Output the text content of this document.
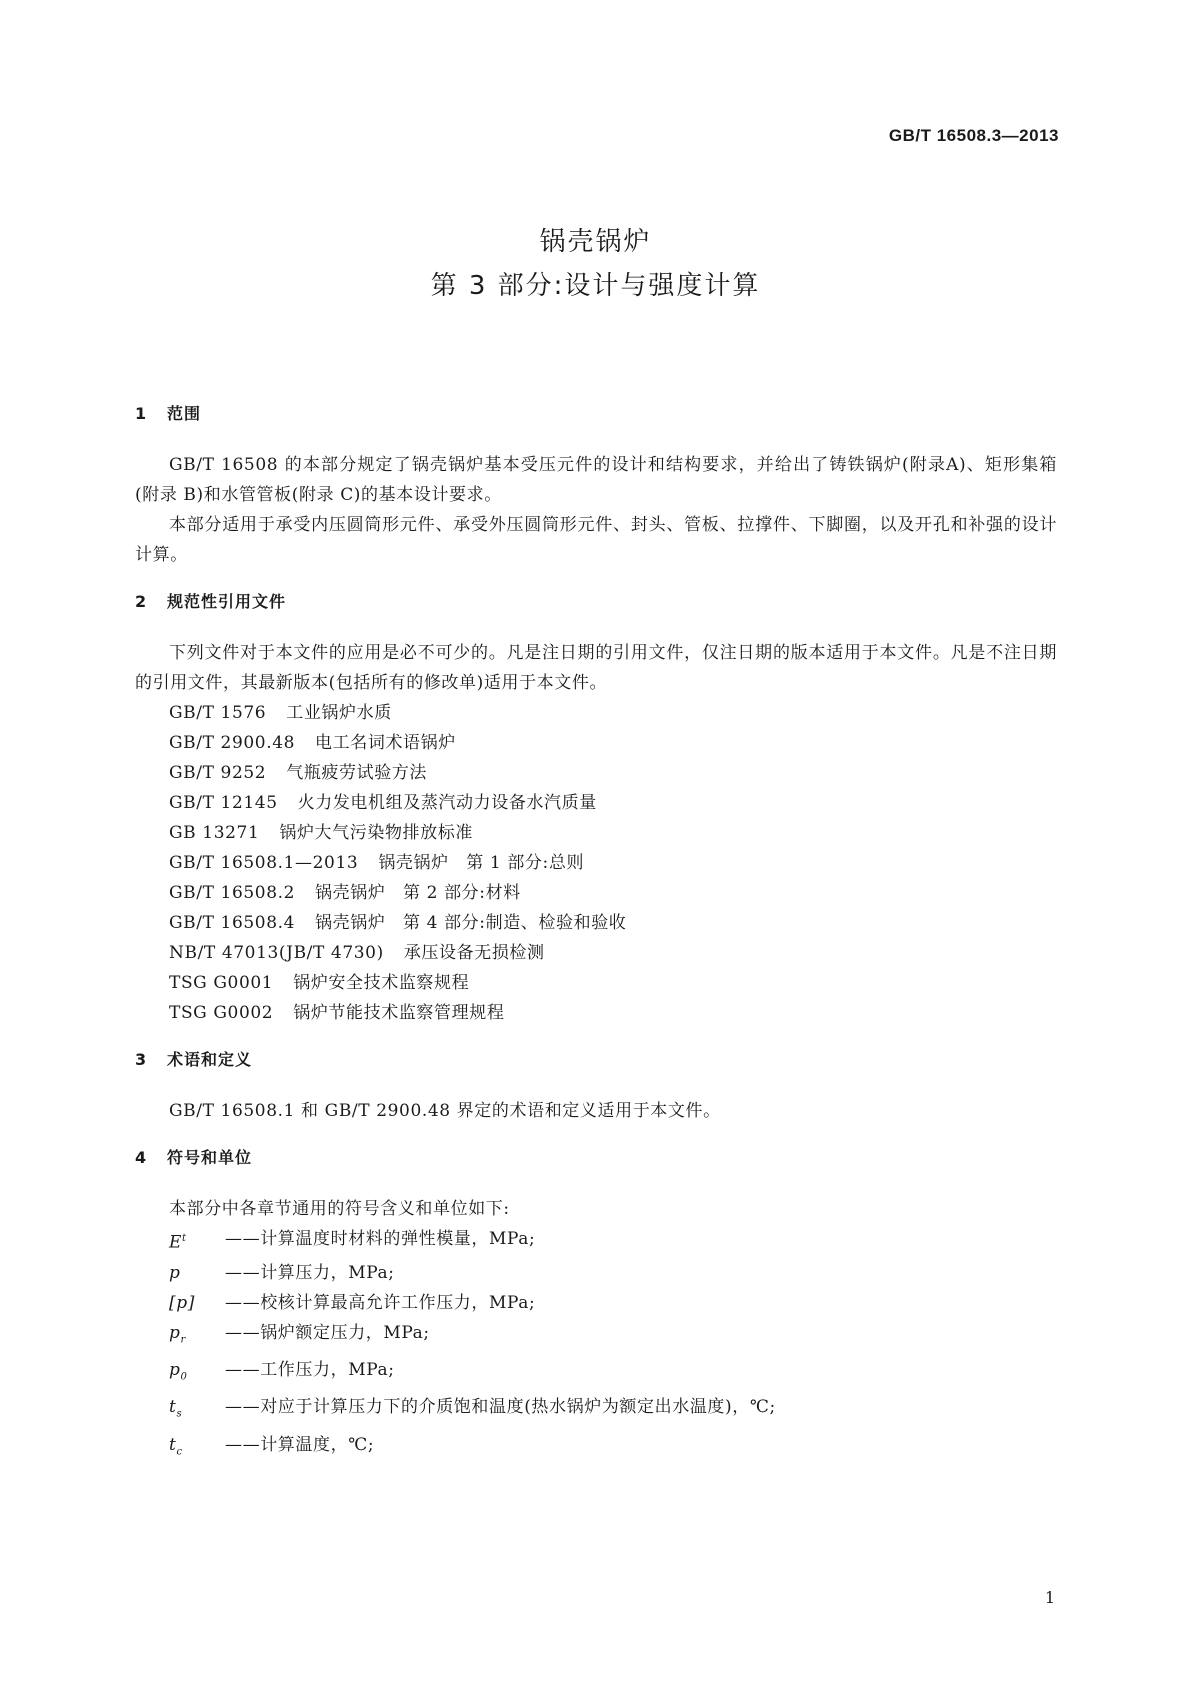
GB/T 16508.3—2013
锅壳锅炉
第 3 部分:设计与强度计算
1 范围

GB/T 16508 的本部分规定了锅壳锅炉基本受压元件的设计和结构要求，并给出了铸铁锅炉(附录A)、矩形集箱(附录 B)和水管管板(附录 C)的基本设计要求。

本部分适用于承受内压圆筒形元件、承受外压圆筒形元件、封头、管板、拉撑件、下脚圈，以及开孔和补强的设计计算。

2 规范性引用文件

下列文件对于本文件的应用是必不可少的。凡是注日期的引用文件，仅注日期的版本适用于本文件。凡是不注日期的引用文件，其最新版本(包括所有的修改单)适用于本文件。

GB/T 1576 工业锅炉水质
GB/T 2900.48 电工名词术语锅炉
GB/T 9252 气瓶疲劳试验方法
GB/T 12145 火力发电机组及蒸汽动力设备水汽质量
GB 13271 锅炉大气污染物排放标准
GB/T 16508.1—2013 锅壳锅炉　第 1 部分:总则
GB/T 16508.2 锅壳锅炉　第 2 部分:材料
GB/T 16508.4 锅壳锅炉　第 4 部分:制造、检验和验收
NB/T 47013(JB/T 4730) 承压设备无损检测
TSG G0001 锅炉安全技术监察规程
TSG G0002 锅炉节能技术监察管理规程
3 术语和定义

GB/T 16508.1 和 GB/T 2900.48 界定的术语和定义适用于本文件。

4 符号和单位

本部分中各章节通用的符号含义和单位如下:

$E^t$	——计算温度时材料的弹性模量，MPa;
p	——计算压力，MPa;
[p]	——校核计算最高允许工作压力，MPa;
$p_r$	——锅炉额定压力，MPa;
$p_0$	——工作压力，MPa;
$t_s$	——对应于计算压力下的介质饱和温度(热水锅炉为额定出水温度)，℃;
$t_c$	——计算温度，℃;
1
